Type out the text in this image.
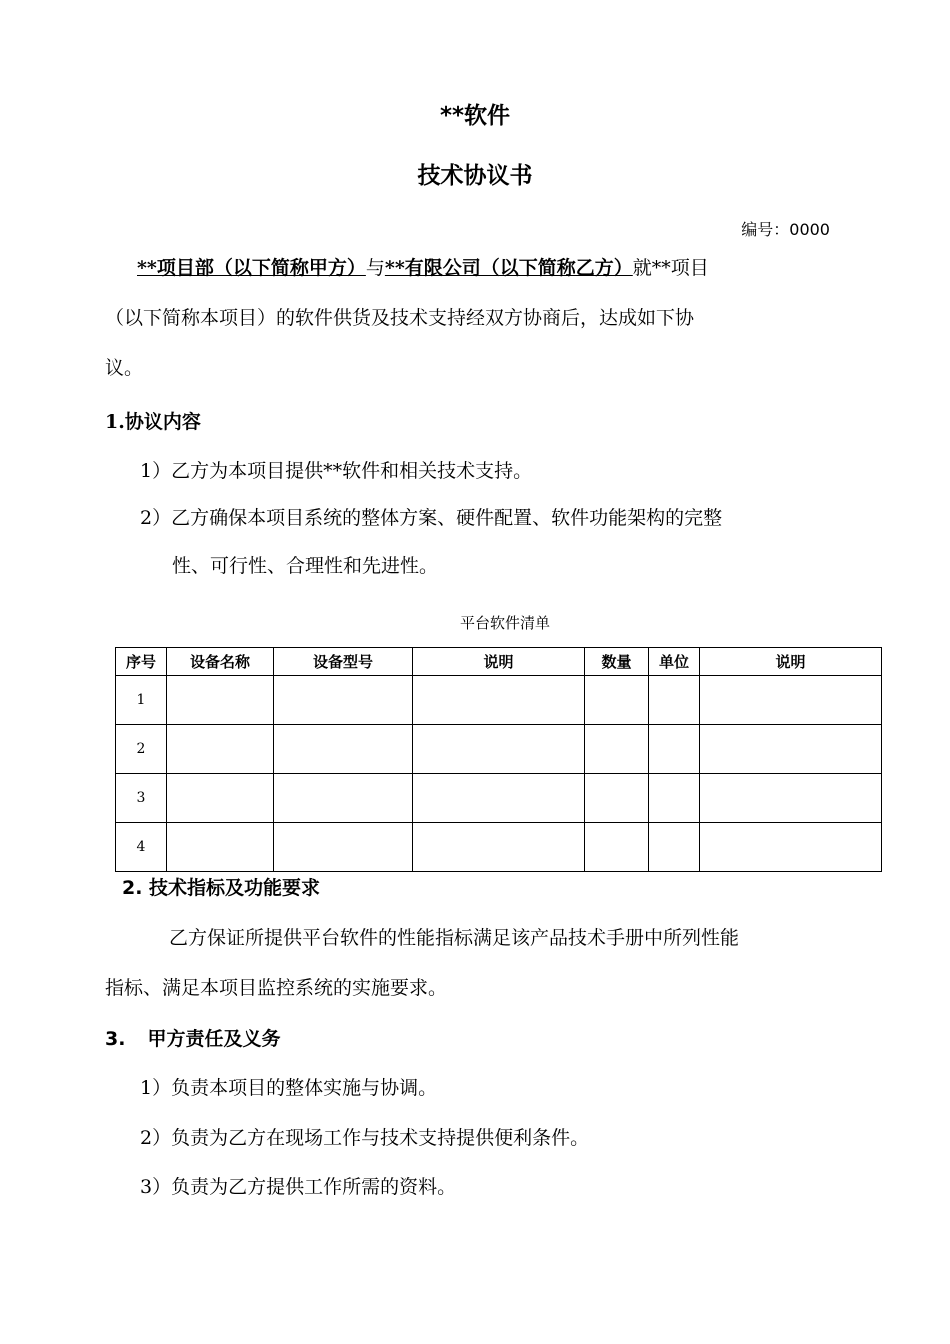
**软件
技术协议书
编号：0000
**项目部（以下简称甲方）与**有限公司（以下简称乙方）就**项目
（以下简称本项目）的软件供货及技术支持经双方协商后，达成如下协
议。
1.协议内容
1）乙方为本项目提供**软件和相关技术支持。
2）乙方确保本项目系统的整体方案、硬件配置、软件功能架构的完整
性、可行性、合理性和先进性。
平台软件清单
序号	设备名称	设备型号	说明	数量	单位	说明
1						
2						
3						
4						
2. 技术指标及功能要求
乙方保证所提供平台软件的性能指标满足该产品技术手册中所列性能
指标、满足本项目监控系统的实施要求。
3. 甲方责任及义务
1）负责本项目的整体实施与协调。
2）负责为乙方在现场工作与技术支持提供便利条件。
3）负责为乙方提供工作所需的资料。
